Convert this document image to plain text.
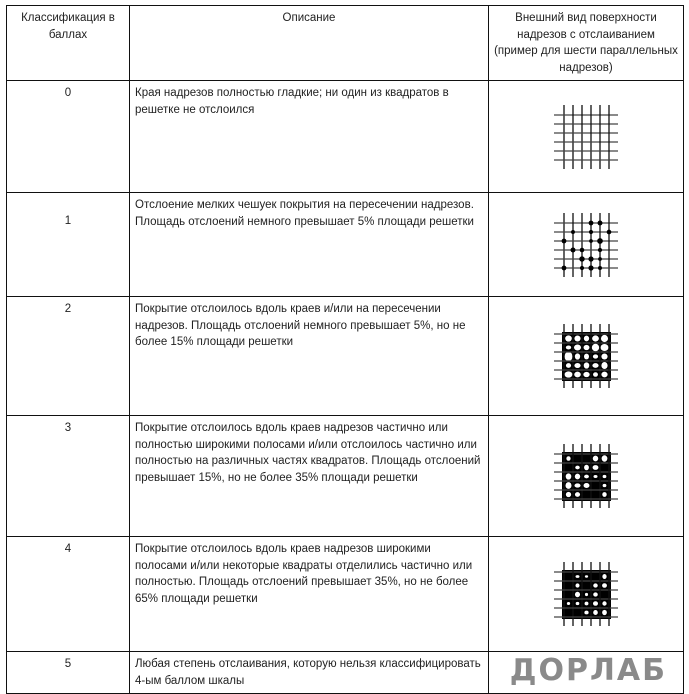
Классификация в баллах	Описание	Внешний вид поверхности надрезов с отслаиванием (пример для шести параллельных надрезов)
0	Края надрезов полностью гладкие; ни один из квадратов в решетке не отслоился	

1	Отслоение мелких чешуек покрытия на пересечении надрезов. Площадь отслоений немного превышает 5% площади решетки	

2	Покрытие отслоилось вдоль краев и/или на пересечении надрезов. Площадь отслоений немного превышает 5%, но не более 15% площади решетки	

3	Покрытие отслоилось вдоль краев надрезов частично или полностью широкими полосами и/или отслоилось частично или полностью на различных частях квадратов. Площадь отслоений превышает 15%, но не более 35% площади решетки	

4	Покрытие отслоилось вдоль краев надрезов широкими полосами и/или некоторые квадраты отделились частично или полностью. Площадь отслоений превышает 35%, но не более 65% площади решетки	

5	Любая степень отслаивания, которую нельзя классифицировать 4-ым баллом шкалы		ДОРЛАБ
